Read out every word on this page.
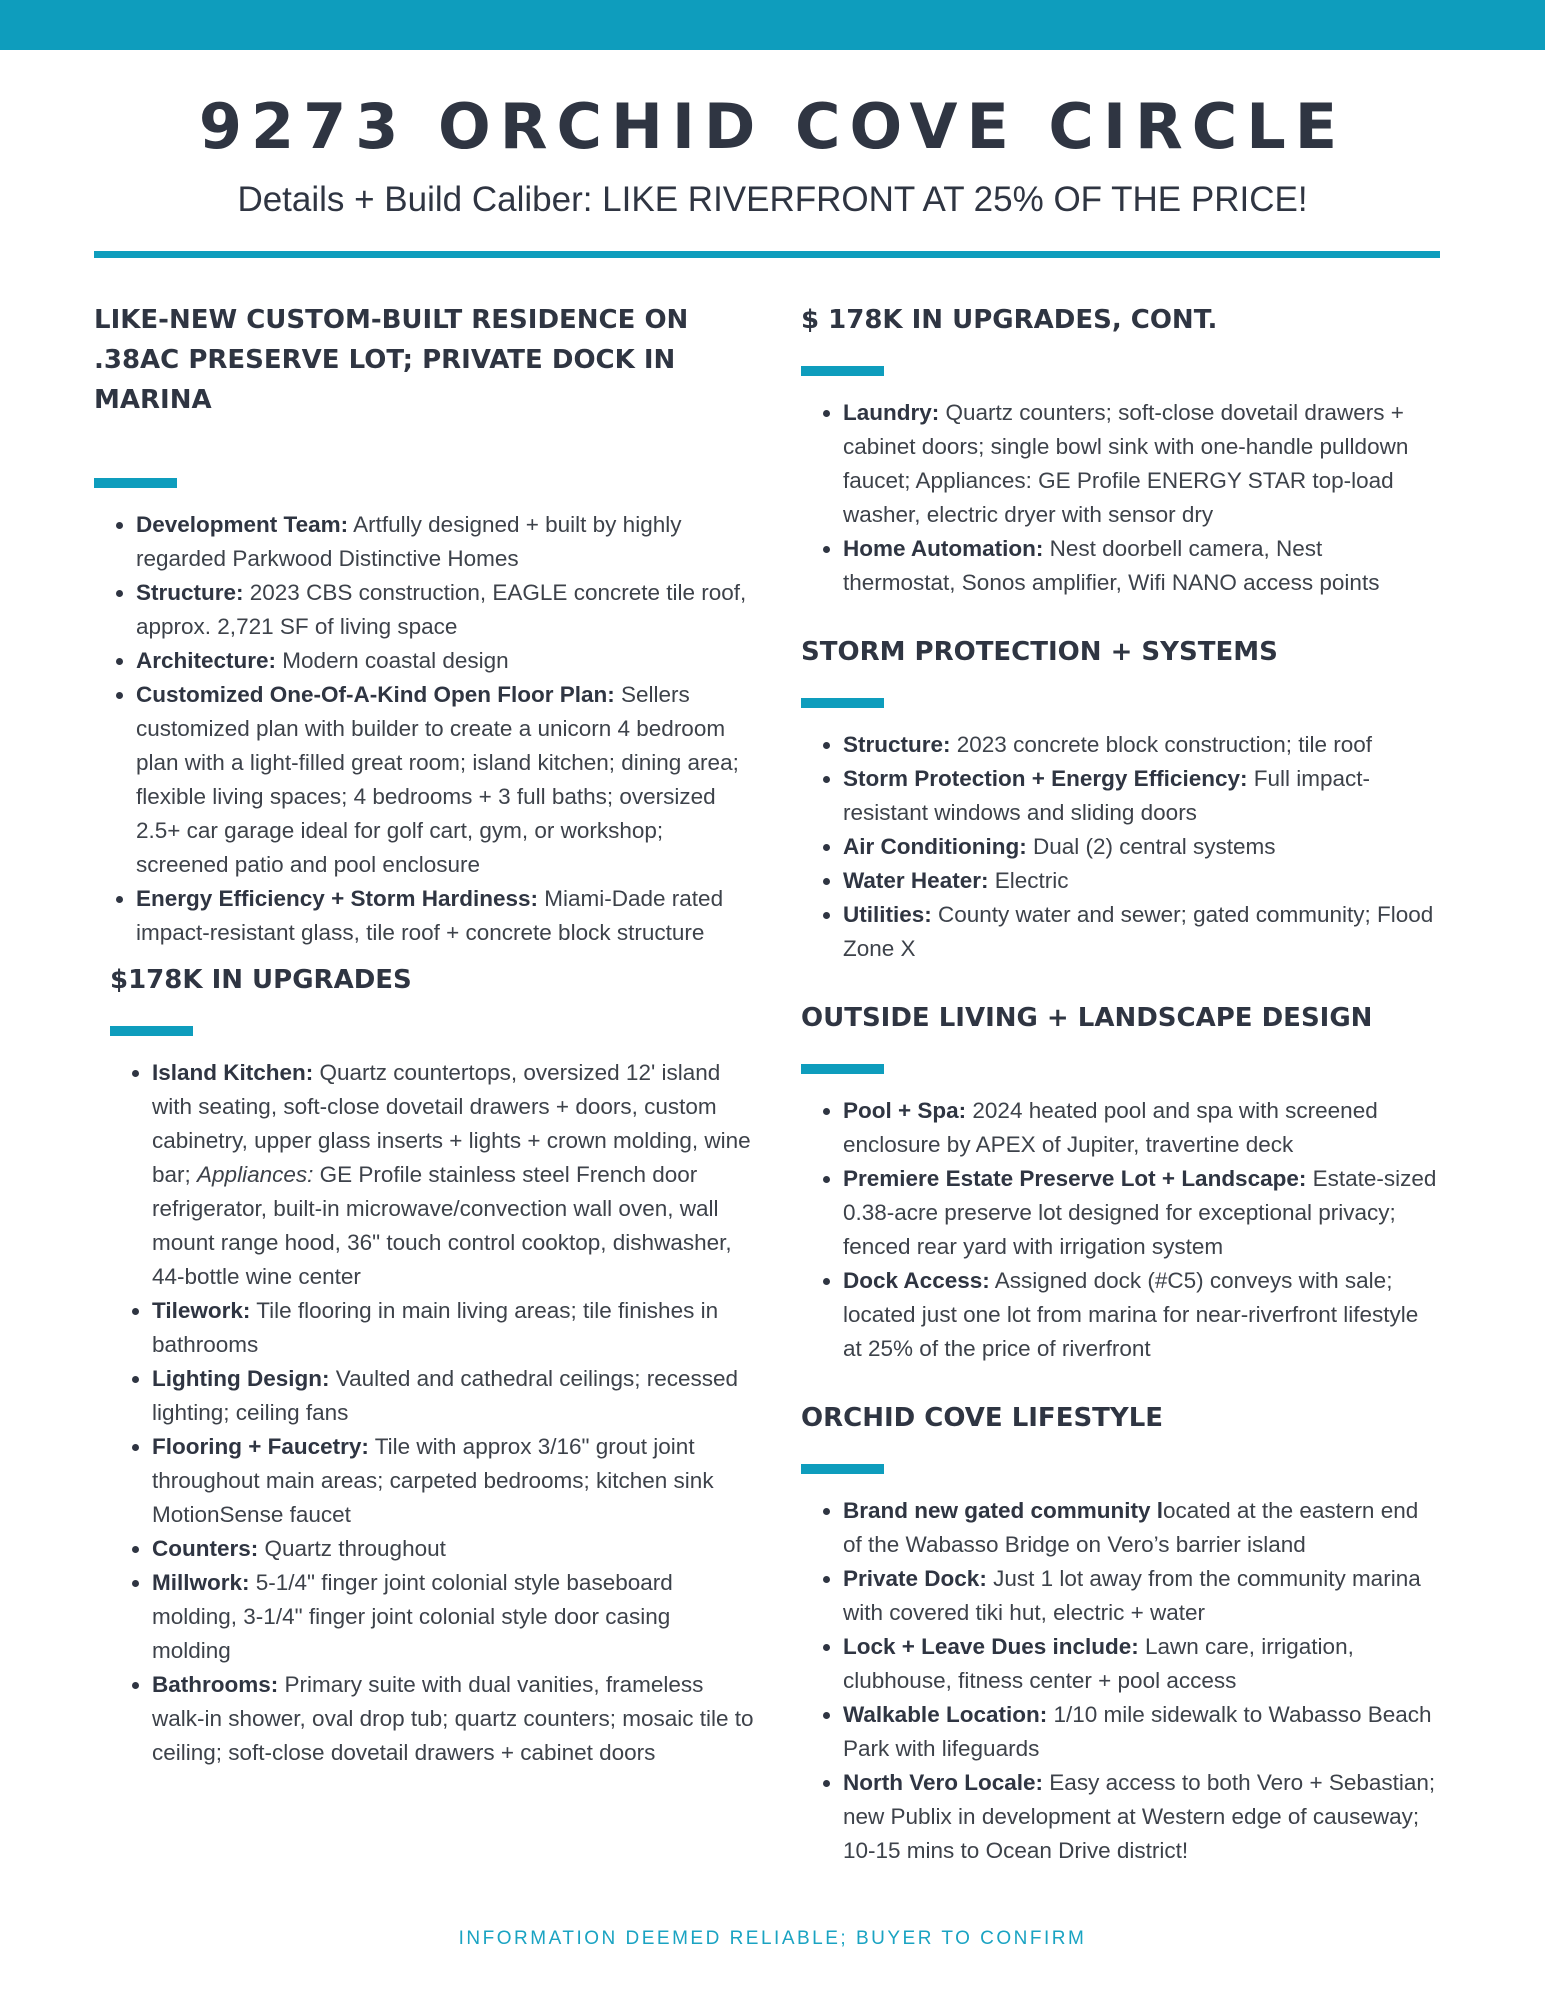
9273 ORCHID COVE CIRCLE

Details + Build Caliber: LIKE RIVERFRONT AT 25% OF THE PRICE!

LIKE-NEW CUSTOM-BUILT RESIDENCE ON
.38AC PRESERVE LOT; PRIVATE DOCK IN MARINA
• Development Team: Artfully designed + built by highly regarded Parkwood Distinctive Homes
• Structure: 2023 CBS construction, EAGLE concrete tile roof, approx. 2,721 SF of living space
• Architecture: Modern coastal design
• Customized One-Of-A-Kind Open Floor Plan: Sellers customized plan with builder to create a unicorn 4 bedroom plan with a light-filled great room; island kitchen; dining area; flexible living spaces; 4 bedrooms + 3 full baths; oversized 2.5+ car garage ideal for golf cart, gym, or workshop; screened patio and pool enclosure
• Energy Efficiency + Storm Hardiness: Miami-Dade rated impact-resistant glass, tile roof + concrete block structure
$178K IN UPGRADES
• Island Kitchen: Quartz countertops, oversized 12' island with seating, soft-close dovetail drawers + doors, custom cabinetry, upper glass inserts + lights + crown molding, wine bar; Appliances: GE Profile stainless steel French door refrigerator, built-in microwave/convection wall oven, wall mount range hood, 36" touch control cooktop, dishwasher, 44-bottle wine center
• Tilework: Tile flooring in main living areas; tile finishes in bathrooms
• Lighting Design: Vaulted and cathedral ceilings; recessed lighting; ceiling fans
• Flooring + Faucetry: Tile with approx 3/16" grout joint throughout main areas; carpeted bedrooms; kitchen sink MotionSense faucet
• Counters: Quartz throughout
• Millwork: 5-1/4" finger joint colonial style baseboard molding, 3-1/4" finger joint colonial style door casing molding
• Bathrooms: Primary suite with dual vanities, frameless walk-in shower, oval drop tub; quartz counters; mosaic tile to ceiling; soft-close dovetail drawers + cabinet doors
$ 178K IN UPGRADES, CONT.
• Laundry: Quartz counters; soft-close dovetail drawers + cabinet doors; single bowl sink with one-handle pulldown faucet; Appliances: GE Profile ENERGY STAR top-load washer, electric dryer with sensor dry
• Home Automation: Nest doorbell camera, Nest thermostat, Sonos amplifier, Wifi NANO access points
STORM PROTECTION + SYSTEMS
• Structure: 2023 concrete block construction; tile roof
• Storm Protection + Energy Efficiency: Full impact-resistant windows and sliding doors
• Air Conditioning: Dual (2) central systems
• Water Heater: Electric
• Utilities: County water and sewer; gated community; Flood Zone X
OUTSIDE LIVING + LANDSCAPE DESIGN
• Pool + Spa: 2024 heated pool and spa with screened enclosure by APEX of Jupiter, travertine deck
• Premiere Estate Preserve Lot + Landscape: Estate-sized 0.38-acre preserve lot designed for exceptional privacy; fenced rear yard with irrigation system
• Dock Access: Assigned dock (#C5) conveys with sale; located just one lot from marina for near-riverfront lifestyle at 25% of the price of riverfront
ORCHID COVE LIFESTYLE
• Brand new gated community located at the eastern end of the Wabasso Bridge on Vero’s barrier island
• Private Dock: Just 1 lot away from the community marina with covered tiki hut, electric + water
• Lock + Leave Dues include: Lawn care, irrigation, clubhouse, fitness center + pool access
• Walkable Location: 1/10 mile sidewalk to Wabasso Beach Park with lifeguards
• North Vero Locale: Easy access to both Vero + Sebastian; new Publix in development at Western edge of causeway; 10-15 mins to Ocean Drive district!
INFORMATION DEEMED RELIABLE; BUYER TO CONFIRM
